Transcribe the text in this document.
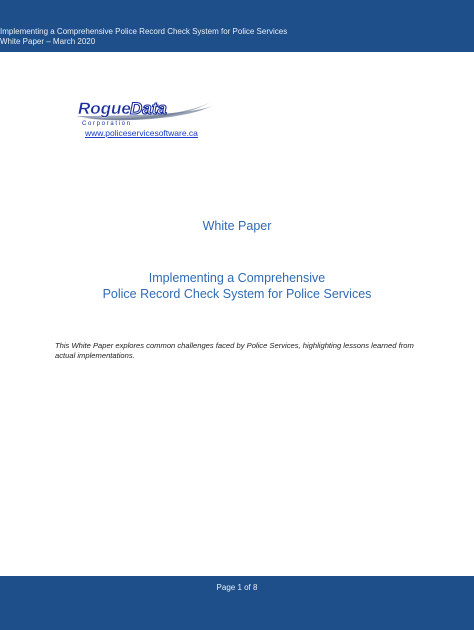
Implementing a Comprehensive Police Record Check System for Police Services
White Paper – March 2020
Rogue Data
C o r p o r a t i o n
www.policeservicesoftware.ca
White Paper
Implementing a Comprehensive
Police Record Check System for Police Services
This White Paper explores common challenges faced by Police Services, highlighting lessons learned from actual implementations.
Page 1 of 8
